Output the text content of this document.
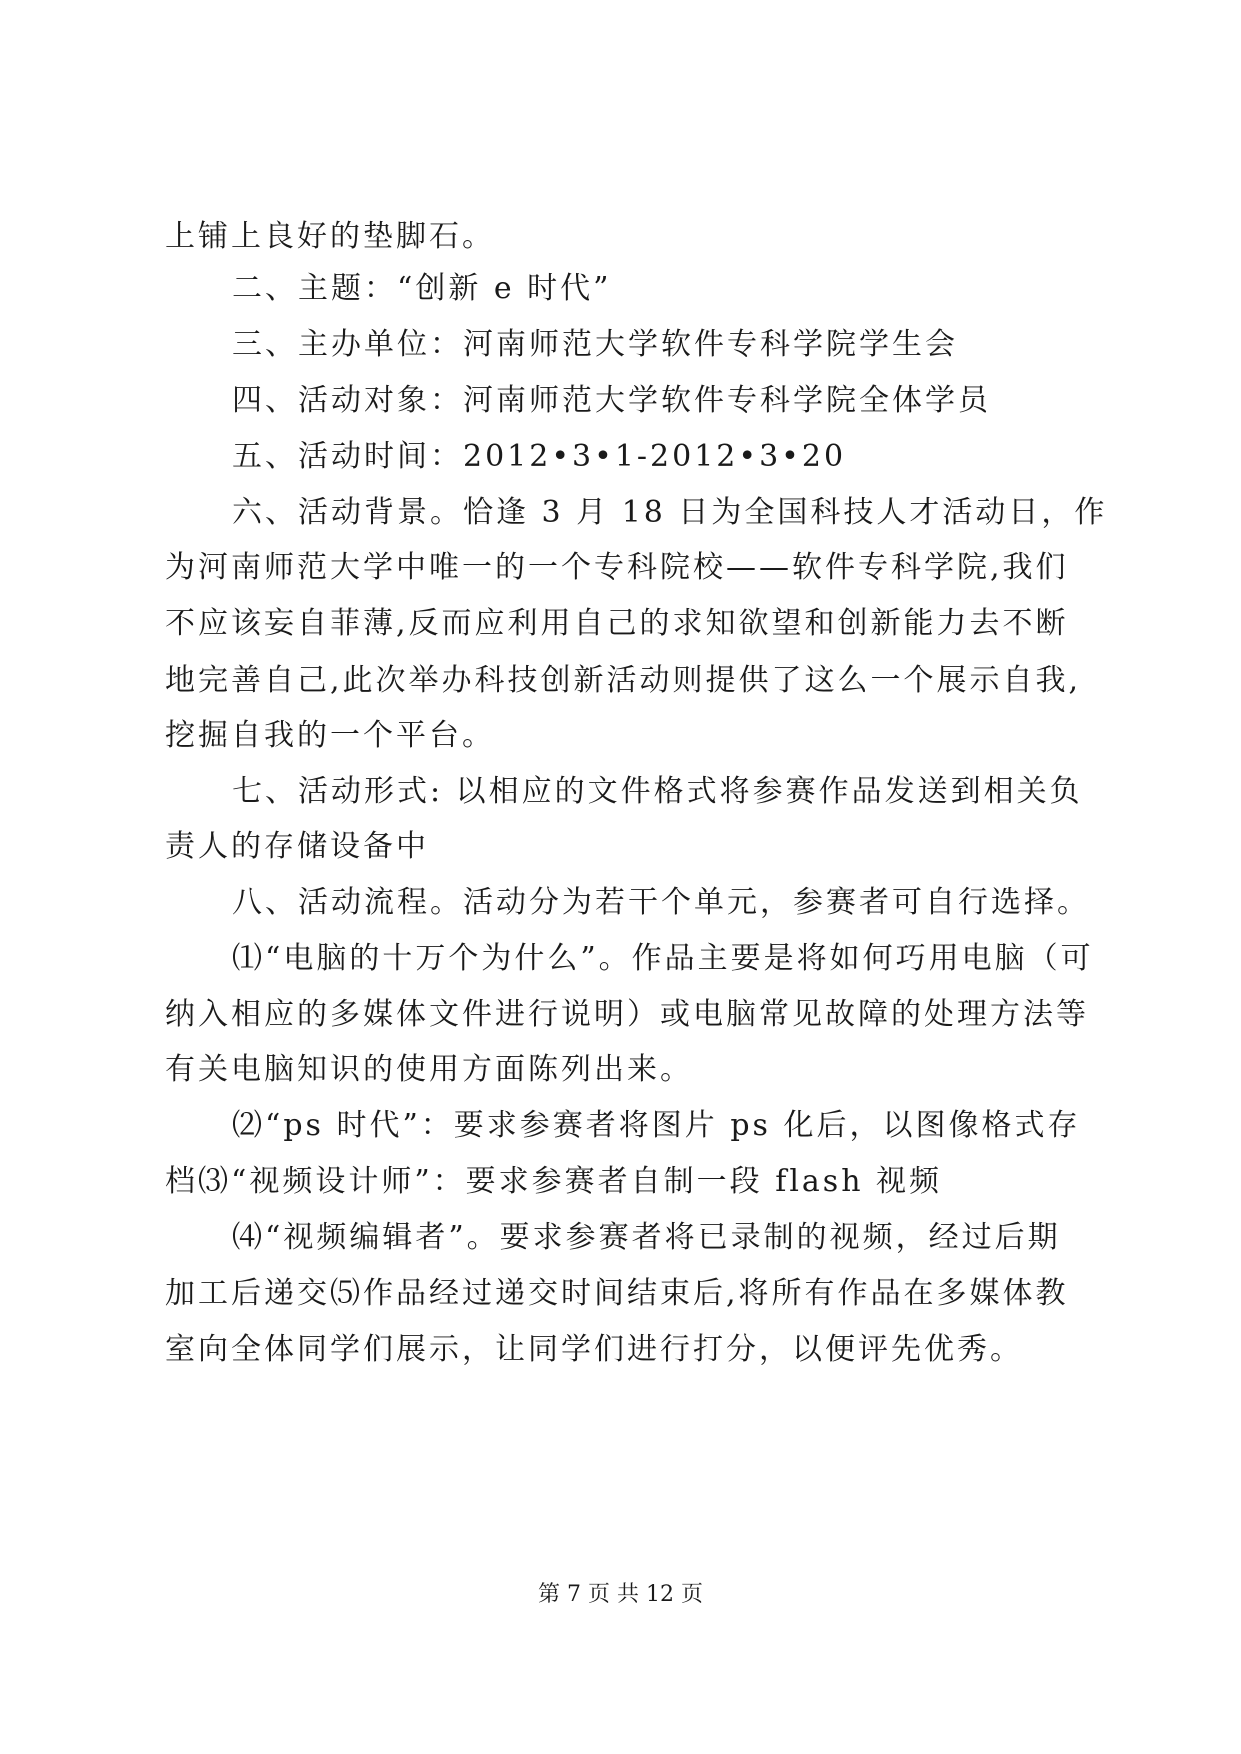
上铺上良好的垫脚石。
二、主题：“创新 e 时代”
三、主办单位：河南师范大学软件专科学院学生会
四、活动对象：河南师范大学软件专科学院全体学员
五、活动时间：2012•3•1-2012•3•20
六、活动背景。恰逢 3 月 18 日为全国科技人才活动日，作
为河南师范大学中唯一的一个专科院校——软件专科学院,我们
不应该妄自菲薄,反而应利用自己的求知欲望和创新能力去不断
地完善自己,此次举办科技创新活动则提供了这么一个展示自我,
挖掘自我的一个平台。
七、活动形式: 以相应的文件格式将参赛作品发送到相关负
责人的存储设备中
八、活动流程。活动分为若干个单元，参赛者可自行选择。
⑴“电脑的十万个为什么”。作品主要是将如何巧用电脑（可
纳入相应的多媒体文件进行说明）或电脑常见故障的处理方法等
有关电脑知识的使用方面陈列出来。
⑵“ps 时代”：要求参赛者将图片 ps 化后，以图像格式存
档⑶“视频设计师”：要求参赛者自制一段 flash 视频
⑷“视频编辑者”。要求参赛者将已录制的视频，经过后期
加工后递交⑸作品经过递交时间结束后,将所有作品在多媒体教
室向全体同学们展示，让同学们进行打分，以便评先优秀。
第 7 页 共 12 页
